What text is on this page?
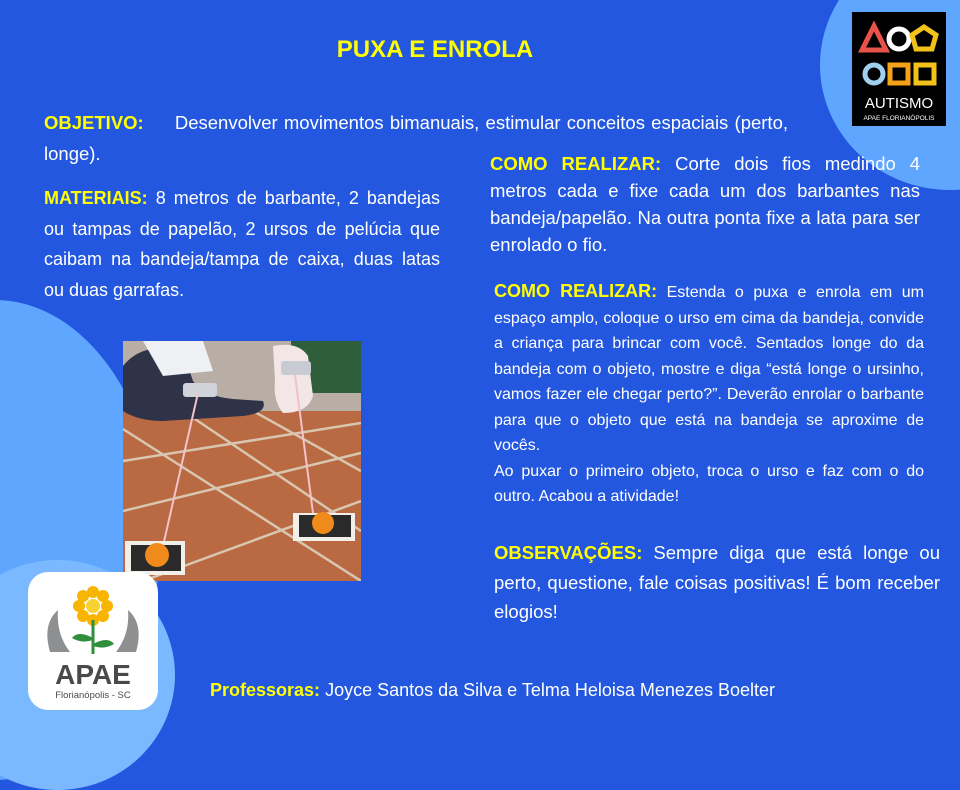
AUTISMO
APAE FLORIANÓPOLIS
PUXA E ENROLA
OBJETIVO: Desenvolver movimentos bimanuais, estimular conceitos espaciais (perto, longe).
MATERIAIS: 8 metros de barbante, 2 bandejas ou tampas de papelão, 2 ursos de pelúcia que caibam na bandeja/tampa de caixa, duas latas ou duas garrafas.
COMO REALIZAR: Corte dois fios medindo 4 metros cada e fixe cada um dos barbantes nas bandeja/papelão. Na outra ponta fixe a lata para ser enrolado o fio.
COMO REALIZAR: Estenda o puxa e enrola em um espaço amplo, coloque o urso em cima da bandeja, convide a criança para brincar com você. Sentados longe do da bandeja com o objeto, mostre e diga “está longe o ursinho, vamos fazer ele chegar perto?”. Deverão enrolar o barbante para que o objeto que está na bandeja se aproxime de vocês.
Ao puxar o primeiro objeto, troca o urso e faz com o do outro. Acabou a atividade!
OBSERVAÇÕES: Sempre diga que está longe ou perto, questione, fale coisas positivas! É bom receber elogios!
APAE
Florianópolis - SC	Professoras: Joyce Santos da Silva e Telma Heloisa Menezes Boelter
